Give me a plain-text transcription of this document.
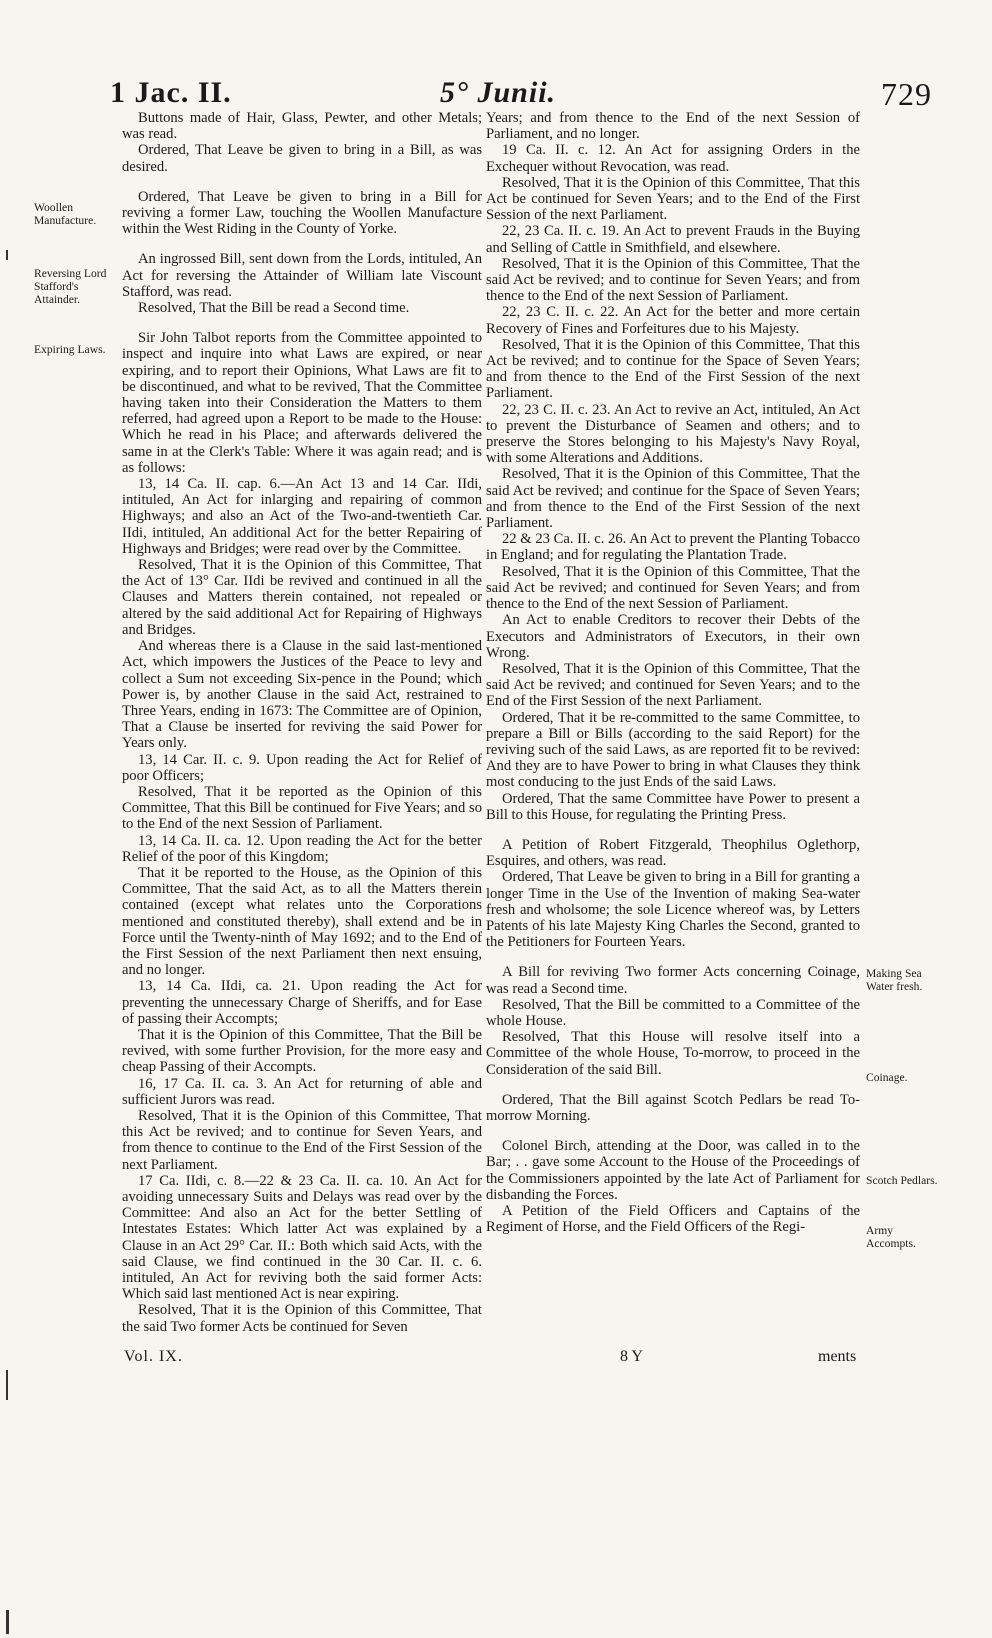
1 Jac. II.	5° Junii.	729

Buttons made of Hair, Glass, Pewter, and other Metals; was read.

Ordered, That Leave be given to bring in a Bill, as was desired.

Ordered, That Leave be given to bring in a Bill for reviving a former Law, touching the Woollen Manufacture within the West Riding in the County of Yorke.

An ingrossed Bill, sent down from the Lords, intituled, An Act for reversing the Attainder of William late Viscount Stafford, was read.

Resolved, That the Bill be read a Second time.

Sir John Talbot reports from the Committee appointed to inspect and inquire into what Laws are expired, or near expiring, and to report their Opinions, What Laws are fit to be discontinued, and what to be revived, That the Committee having taken into their Consideration the Matters to them referred, had agreed upon a Report to be made to the House: Which he read in his Place; and afterwards delivered the same in at the Clerk's Table: Where it was again read; and is as follows:

13, 14 Ca. II. cap. 6.—An Act 13 and 14 Car. IIdi, intituled, An Act for inlarging and repairing of common Highways; and also an Act of the Two-and-twentieth Car. IIdi, intituled, An additional Act for the better Repairing of Highways and Bridges; were read over by the Committee.

Resolved, That it is the Opinion of this Committee, That the Act of 13° Car. IIdi be revived and continued in all the Clauses and Matters therein contained, not repealed or altered by the said additional Act for Repairing of Highways and Bridges.

And whereas there is a Clause in the said last-mentioned Act, which impowers the Justices of the Peace to levy and collect a Sum not exceeding Six-pence in the Pound; which Power is, by another Clause in the said Act, restrained to Three Years, ending in 1673: The Committee are of Opinion, That a Clause be inserted for reviving the said Power for Years only.

13, 14 Car. II. c. 9. Upon reading the Act for Relief of poor Officers;

Resolved, That it be reported as the Opinion of this Committee, That this Bill be continued for Five Years; and so to the End of the next Session of Parliament.

13, 14 Ca. II. ca. 12. Upon reading the Act for the better Relief of the poor of this Kingdom;

That it be reported to the House, as the Opinion of this Committee, That the said Act, as to all the Matters therein contained (except what relates unto the Corporations mentioned and constituted thereby), shall extend and be in Force until the Twenty-ninth of May 1692; and to the End of the First Session of the next Parliament then next ensuing, and no longer.

13, 14 Ca. IIdi, ca. 21. Upon reading the Act for preventing the unnecessary Charge of Sheriffs, and for Ease of passing their Accompts;

That it is the Opinion of this Committee, That the Bill be revived, with some further Provision, for the more easy and cheap Passing of their Accompts.

16, 17 Ca. II. ca. 3. An Act for returning of able and sufficient Jurors was read.

Resolved, That it is the Opinion of this Committee, That this Act be revived; and to continue for Seven Years, and from thence to continue to the End of the First Session of the next Parliament.

17 Ca. IIdi, c. 8.—22 & 23 Ca. II. ca. 10. An Act for avoiding unnecessary Suits and Delays was read over by the Committee: And also an Act for the better Settling of Intestates Estates: Which latter Act was explained by a Clause in an Act 29° Car. II.: Both which said Acts, with the said Clause, we find continued in the 30 Car. II. c. 6. intituled, An Act for reviving both the said former Acts: Which said last mentioned Act is near expiring.

Resolved, That it is the Opinion of this Committee, That the said Two former Acts be continued for Seven

Years; and from thence to the End of the next Session of Parliament, and no longer.

19 Ca. II. c. 12. An Act for assigning Orders in the Exchequer without Revocation, was read.

Resolved, That it is the Opinion of this Committee, That this Act be continued for Seven Years; and to the End of the First Session of the next Parliament.

22, 23 Ca. II. c. 19. An Act to prevent Frauds in the Buying and Selling of Cattle in Smithfield, and elsewhere.

Resolved, That it is the Opinion of this Committee, That the said Act be revived; and to continue for Seven Years; and from thence to the End of the next Session of Parliament.

22, 23 C. II. c. 22. An Act for the better and more certain Recovery of Fines and Forfeitures due to his Majesty.

Resolved, That it is the Opinion of this Committee, That this Act be revived; and to continue for the Space of Seven Years; and from thence to the End of the First Session of the next Parliament.

22, 23 C. II. c. 23. An Act to revive an Act, intituled, An Act to prevent the Disturbance of Seamen and others; and to preserve the Stores belonging to his Majesty's Navy Royal, with some Alterations and Additions.

Resolved, That it is the Opinion of this Committee, That the said Act be revived; and continue for the Space of Seven Years; and from thence to the End of the First Session of the next Parliament.

22 & 23 Ca. II. c. 26. An Act to prevent the Planting Tobacco in England; and for regulating the Plantation Trade.

Resolved, That it is the Opinion of this Committee, That the said Act be revived; and continued for Seven Years; and from thence to the End of the next Session of Parliament.

An Act to enable Creditors to recover their Debts of the Executors and Administrators of Executors, in their own Wrong.

Resolved, That it is the Opinion of this Committee, That the said Act be revived; and continued for Seven Years; and to the End of the First Session of the next Parliament.

Ordered, That it be re-committed to the same Committee, to prepare a Bill or Bills (according to the said Report) for the reviving such of the said Laws, as are reported fit to be revived: And they are to have Power to bring in what Clauses they think most conducing to the just Ends of the said Laws.

Ordered, That the same Committee have Power to present a Bill to this House, for regulating the Printing Press.

A Petition of Robert Fitzgerald, Theophilus Oglethorp, Esquires, and others, was read.

Ordered, That Leave be given to bring in a Bill for granting a longer Time in the Use of the Invention of making Sea-water fresh and wholsome; the sole Licence whereof was, by Letters Patents of his late Majesty King Charles the Second, granted to the Petitioners for Fourteen Years.

A Bill for reviving Two former Acts concerning Coinage, was read a Second time.

Resolved, That the Bill be committed to a Committee of the whole House.

Resolved, That this House will resolve itself into a Committee of the whole House, To-morrow, to proceed in the Consideration of the said Bill.

Ordered, That the Bill against Scotch Pedlars be read To-morrow Morning.

Colonel Birch, attending at the Door, was called in to the Bar; . . gave some Account to the House of the Proceedings of the Commissioners appointed by the late Act of Parliament for disbanding the Forces.

A Petition of the Field Officers and Captains of the Regiment of Horse, and the Field Officers of the Regi-

Woollen Manufacture.
Reversing Lord Stafford's Attainder.
Expiring Laws.
Making Sea Water fresh.
Coinage.
Scotch Pedlars.
Army Accompts.
Vol. IX.	8 Y	ments
